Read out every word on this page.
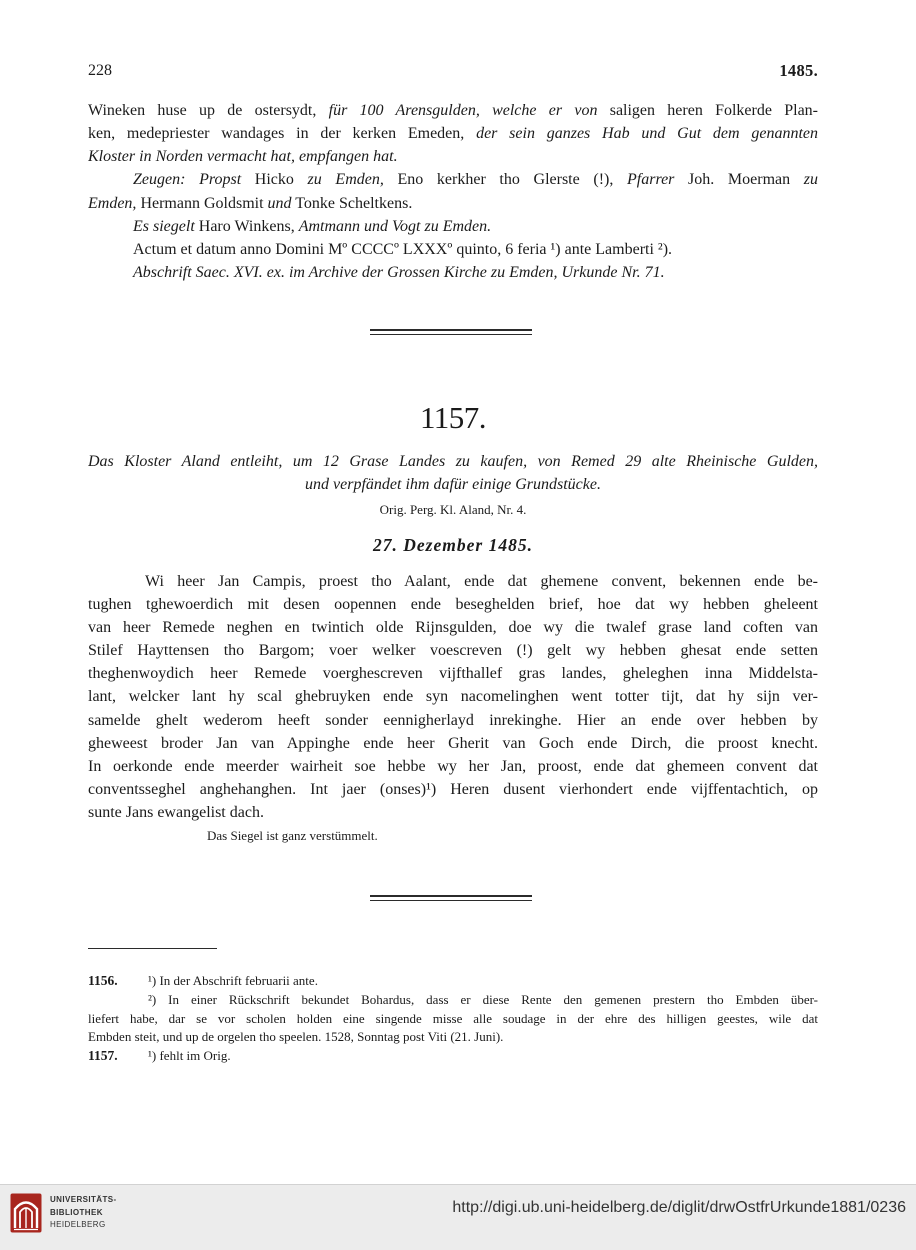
228	1485.
Wineken huse up de ostersydt, für 100 Arensgulden, welche er von saligen heren Folkerde Plan-
ken, medepriester wandages in der kerken Emeden, der sein ganzes Hab und Gut dem genannten
Kloster in Norden vermacht hat, empfangen hat.
Zeugen: Propst Hicko zu Emden, Eno kerkher tho Glerste (!), Pfarrer Joh. Moerman zu
Emden, Hermann Goldsmit und Tonke Scheltkens.
Es siegelt Haro Winkens, Amtmann und Vogt zu Emden.
Actum et datum anno Domini Mº CCCCº LXXXº quinto, 6 feria ¹) ante Lamberti ²).
Abschrift Saec. XVI. ex. im Archive der Grossen Kirche zu Emden, Urkunde Nr. 71.
1157.
Das Kloster Aland entleiht, um 12 Grase Landes zu kaufen, von Remed 29 alte Rheinische Gulden,
und verpfändet ihm dafür einige Grundstücke.
Orig. Perg. Kl. Aland, Nr. 4.
27. Dezember 1485.
Wi heer Jan Campis, proest tho Aalant, ende dat ghemene convent, bekennen ende be-
tughen tghewoerdich mit desen oopennen ende beseghelden brief, hoe dat wy hebben gheleent
van heer Remede neghen en twintich olde Rijnsgulden, doe wy die twalef grase land coften van
Stilef Hayttensen tho Bargom; voer welker voescreven (!) gelt wy hebben ghesat ende setten
theghenwoydich heer Remede voerghescreven vijfthallef gras landes, gheleghen inna Middelsta-
lant, welcker lant hy scal ghebruyken ende syn nacomelinghen went totter tijt, dat hy sijn ver-
samelde ghelt wederom heeft sonder eennigherlayd inrekinghe. Hier an ende over hebben by
gheweest broder Jan van Appinghe ende heer Gherit van Goch ende Dirch, die proost knecht.
In oerkonde ende meerder wairheit soe hebbe wy her Jan, proost, ende dat ghemeen convent dat
conventsseghel anghehanghen. Int jaer (onses)¹) Heren dusent vierhondert ende vijffentachtich, op
sunte Jans ewangelist dach.
Das Siegel ist ganz verstümmelt.
1156. ¹) In der Abschrift februarii ante.
²) In einer Rückschrift bekundet Bohardus, dass er diese Rente den gemenen prestern tho Embden über-
liefert habe, dar se vor scholen holden eine singende misse alle soudage in der ehre des hilligen geestes, wile dat
Embden steit, und up de orgelen tho speelen. 1528, Sonntag post Viti (21. Juni).
1157. ¹) fehlt im Orig.
UNIVERSITÄTS-
BIBLIOTHEK
HEIDELBERG
http://digi.ub.uni-heidelberg.de/diglit/drwOstfrUrkunde1881/0236
